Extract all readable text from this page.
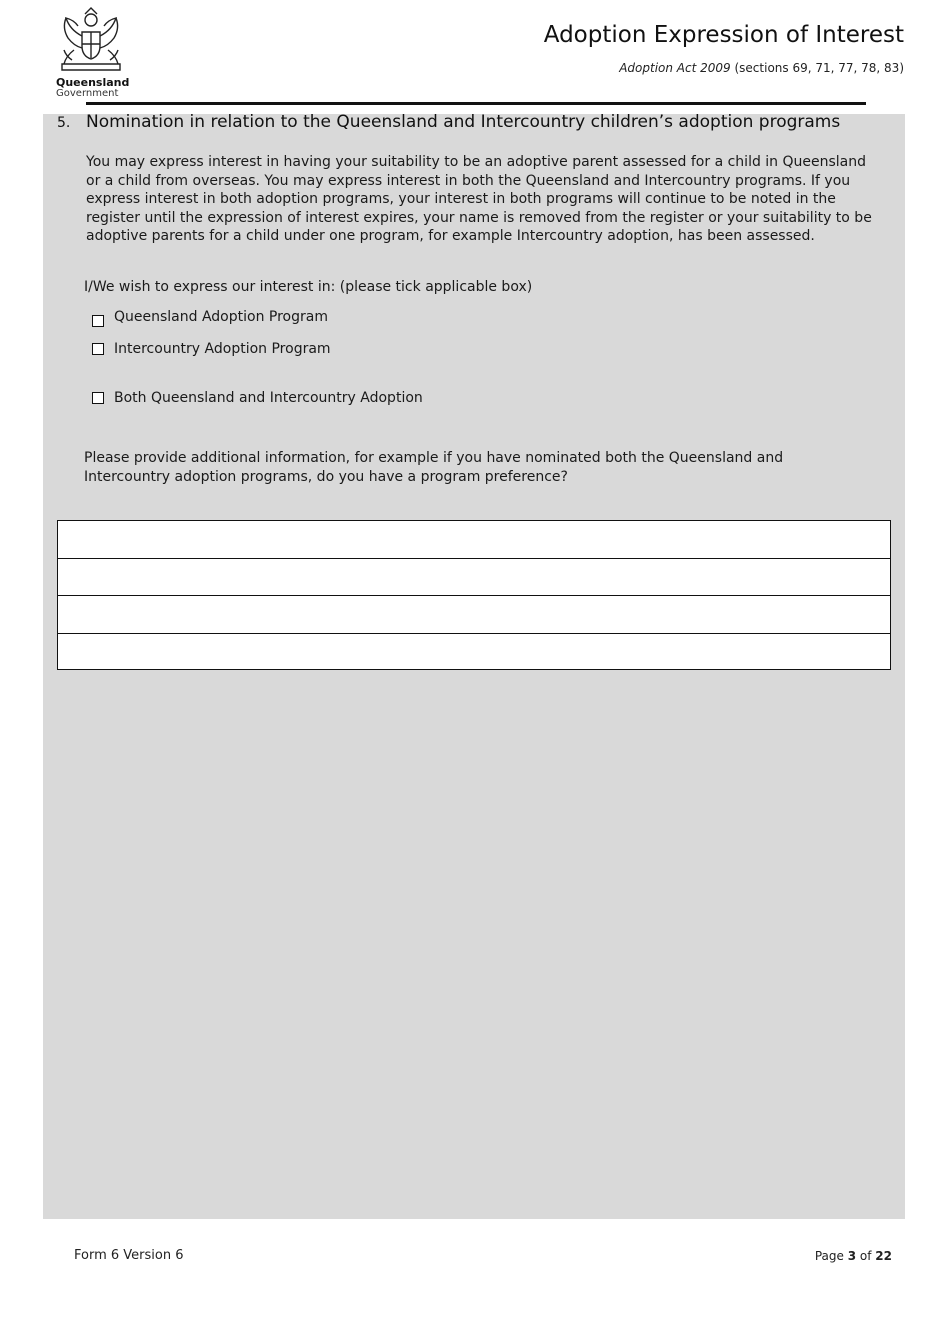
Queensland
Government
Adoption Expression of Interest
Adoption Act 2009 (sections 69, 71, 77, 78, 83)
5. Nomination in relation to the Queensland and Intercountry children’s adoption programs
You may express interest in having your suitability to be an adoptive parent assessed for a child in Queensland or a child from overseas. You may express interest in both the Queensland and Intercountry programs. If you express interest in both adoption programs, your interest in both programs will continue to be noted in the register until the expression of interest expires, your name is removed from the register or your suitability to be adoptive parents for a child under one program, for example Intercountry adoption, has been assessed.
I/We wish to express our interest in: (please tick applicable box)
Queensland Adoption Program
Intercountry Adoption Program
Both Queensland and Intercountry Adoption
Please provide additional information, for example if you have nominated both the Queensland and Intercountry adoption programs, do you have a program preference?
Form 6 Version 6	Page 3 of 22
